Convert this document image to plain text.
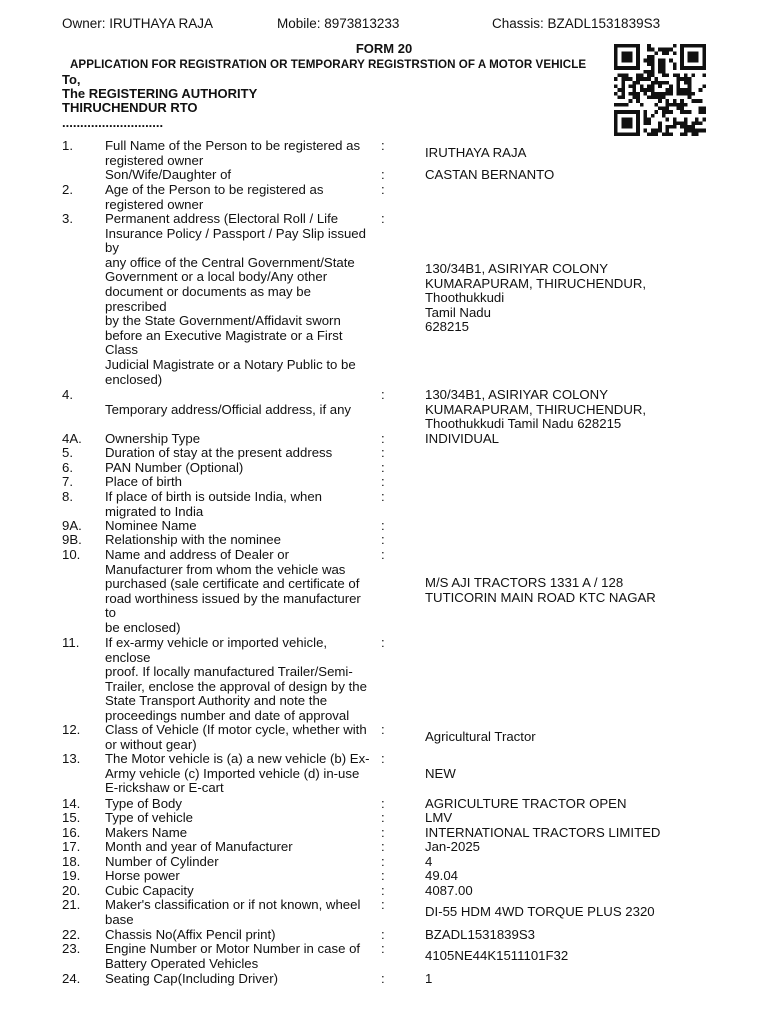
Owner: IRUTHAYA RAJA	Mobile: 8973813233	Chassis: BZADL1531839S3
FORM 20
APPLICATION FOR REGISTRATION OR TEMPORARY REGISTRSTION OF A MOTOR VEHICLE
To,
The REGISTERING AUTHORITY
THIRUCHENDUR RTO
............................
1. Full Name of the Person to be registered as
registered owner
:	IRUTHAYA RAJA
Son/Wife/Daughter of	:	CASTAN BERNANTO
2. Age of the Person to be registered as
registered owner
:
3. Permanent address (Electoral Roll / Life
Insurance Policy / Passport / Pay Slip issued
by
any office of the Central Government/State
Government or a local body/Any other
document or documents as may be
prescribed
by the State Government/Affidavit sworn
before an Executive Magistrate or a First
Class
Judicial Magistrate or a Notary Public to be
enclosed)
:
130/34B1, ASIRIYAR COLONY
KUMARAPURAM, THIRUCHENDUR,
Thoothukkudi
Tamil Nadu
628215
4.

Temporary address/Official address, if any
:	130/34B1, ASIRIYAR COLONY
KUMARAPURAM, THIRUCHENDUR,
Thoothukkudi Tamil Nadu 628215
4A. Ownership Type	:	INDIVIDUAL
5. Duration of stay at the present address	:
6. PAN Number (Optional)	:
7. Place of birth	:
8. If place of birth is outside India, when
migrated to India
:
9A. Nominee Name	:
9B. Relationship with the nominee	:
10. Name and address of Dealer or
Manufacturer from whom the vehicle was
purchased (sale certificate and certificate of
road worthiness issued by the manufacturer
to
be enclosed)
:
M/S AJI TRACTORS 1331 A / 128
TUTICORIN MAIN ROAD KTC NAGAR
11. If ex-army vehicle or imported vehicle,
enclose
proof. If locally manufactured Trailer/Semi-
Trailer, enclose the approval of design by the
State Transport Authority and note the
proceedings number and date of approval
:
12. Class of Vehicle (If motor cycle, whether with
or without gear)
:	Agricultural Tractor
13. The Motor vehicle is (a) a new vehicle (b) Ex-
Army vehicle (c) Imported vehicle (d) in-use
E-rickshaw or E-cart
:
NEW
14. Type of Body	:	AGRICULTURE TRACTOR OPEN
15. Type of vehicle	:	LMV
16. Makers Name	:	INTERNATIONAL TRACTORS LIMITED
17. Month and year of Manufacturer	:	Jan-2025
18. Number of Cylinder	:	4
19. Horse power	:	49.04
20. Cubic Capacity	:	4087.00
21. Maker's classification or if not known, wheel
base
:	DI-55 HDM 4WD TORQUE PLUS 2320
22. Chassis No(Affix Pencil print)	:	BZADL1531839S3
23. Engine Number or Motor Number in case of
Battery Operated Vehicles
:	4105NE44K1511101F32
24. Seating Cap(Including Driver)	:	1
